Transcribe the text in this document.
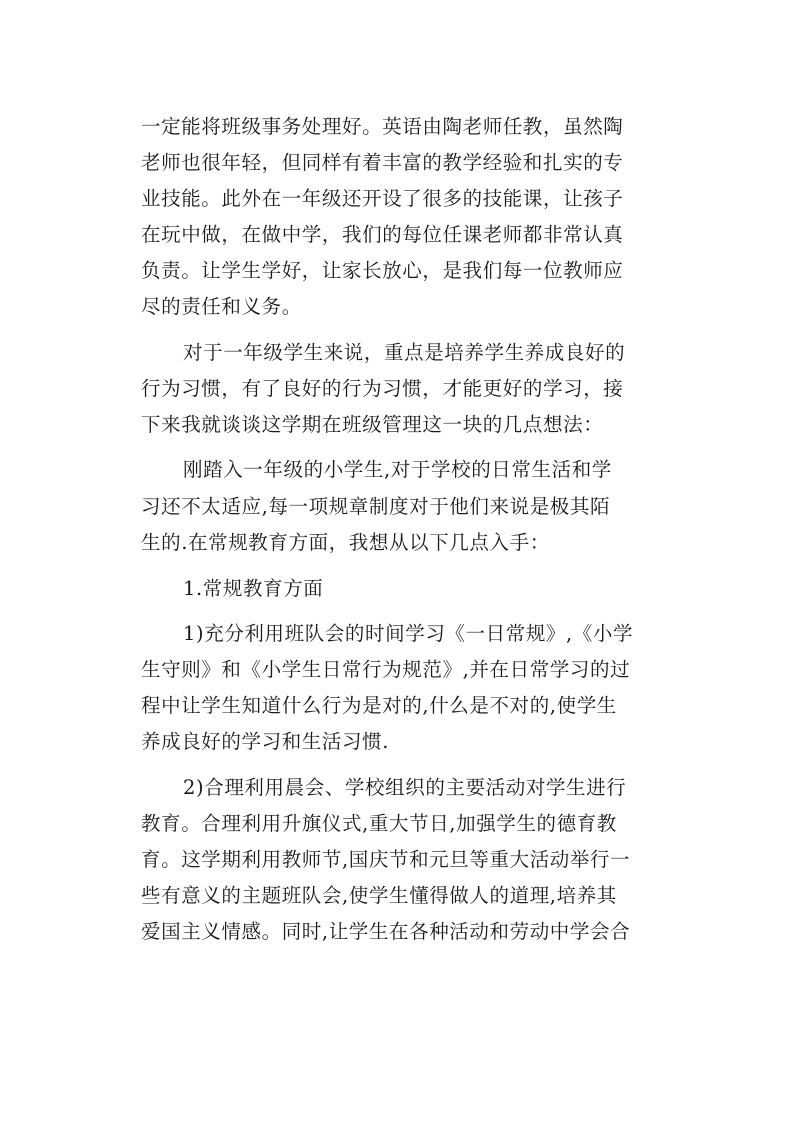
一定能将班级事务处理好。英语由陶老师任教，虽然陶
老师也很年轻，但同样有着丰富的教学经验和扎实的专
业技能。此外在一年级还开设了很多的技能课，让孩子
在玩中做，在做中学，我们的每位任课老师都非常认真
负责。让学生学好，让家长放心，是我们每一位教师应
尽的责任和义务。
对于一年级学生来说，重点是培养学生养成良好的
行为习惯，有了良好的行为习惯，才能更好的学习，接
下来我就谈谈这学期在班级管理这一块的几点想法：
刚踏入一年级的小学生,对于学校的日常生活和学
习还不太适应,每一项规章制度对于他们来说是极其陌
生的.在常规教育方面，我想从以下几点入手：
1.常规教育方面
1)充分利用班队会的时间学习《一日常规》,《小学
生守则》和《小学生日常行为规范》,并在日常学习的过
程中让学生知道什么行为是对的,什么是不对的,使学生
养成良好的学习和生活习惯.
2)合理利用晨会、学校组织的主要活动对学生进行
教育。合理利用升旗仪式,重大节日,加强学生的德育教
育。这学期利用教师节,国庆节和元旦等重大活动举行一
些有意义的主题班队会,使学生懂得做人的道理,培养其
爱国主义情感。同时,让学生在各种活动和劳动中学会合
